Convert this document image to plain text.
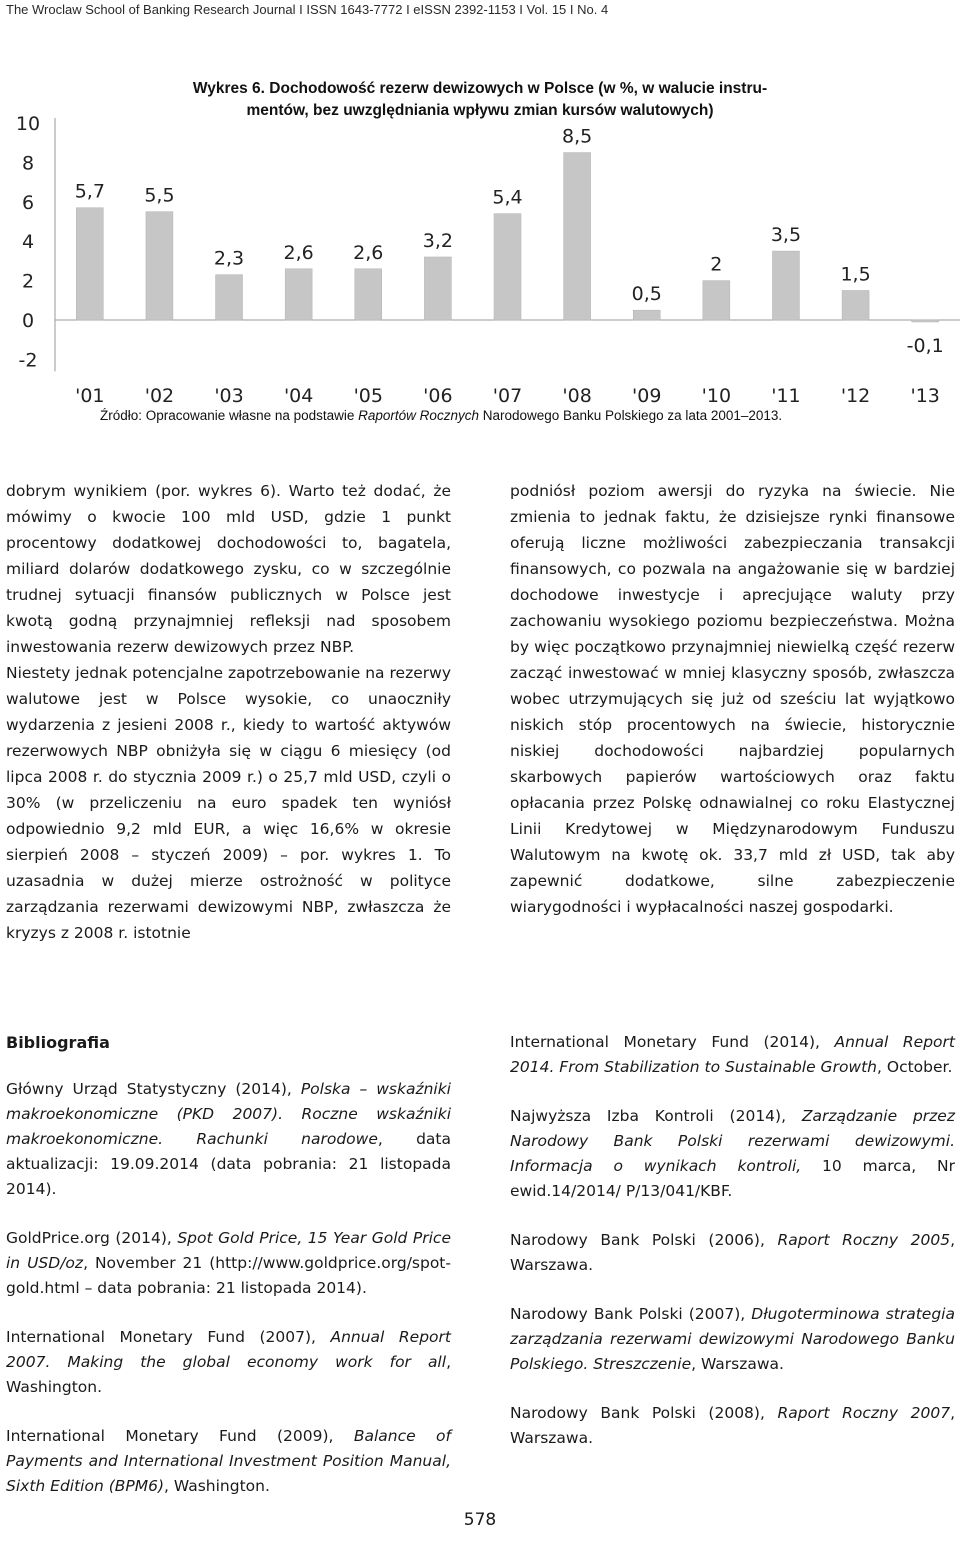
The Wroclaw School of Banking Research Journal I ISSN 1643-7772 I eISSN 2392-1153 I Vol. 15 I No. 4
Wykres 6. Dochodowość rezerw dewizowych w Polsce (w %, w walucie instru-
mentów, bez uwzględniania wpływu zmian kursów walutowych)
10
8
6
4
2
0
-2
5,7
'01
5,5
'02
2,3
'03
2,6
'04
2,6
'05
3,2
'06
5,4
'07
8,5
'08
0,5
'09
2
'10
3,5
'11
1,5
'12
-0,1
'13
Źródło: Opracowanie własne na podstawie Raportów Rocznych Narodowego Banku Polskiego za lata 2001–2013.

dobrym wynikiem (por. wykres 6). Warto też dodać, że mówimy o kwocie 100 mld USD, gdzie 1 punkt procentowy dodatkowej dochodowości to, bagatela, miliard dolarów dodatkowego zysku, co w szczególnie trudnej sytuacji finansów publicznych w Polsce jest kwotą godną przynajmniej refleksji nad sposobem inwestowania rezerw dewizowych przez NBP.

Niestety jednak potencjalne zapotrzebowanie na rezerwy walutowe jest w Polsce wysokie, co unaoczniły wydarzenia z jesieni 2008 r., kiedy to wartość aktywów rezerwowych NBP obniżyła się w ciągu 6 miesięcy (od lipca 2008 r. do stycznia 2009 r.) o 25,7 mld USD, czyli o 30% (w przeliczeniu na euro spadek ten wyniósł odpowiednio 9,2 mld EUR, a więc 16,6% w okresie sierpień 2008 – styczeń 2009) – por. wykres 1. To uzasadnia w dużej mierze ostrożność w polityce zarządzania rezerwami dewizowymi NBP, zwłaszcza że kryzys z 2008 r. istotnie

podniósł poziom awersji do ryzyka na świecie. Nie zmienia to jednak faktu, że dzisiejsze rynki finansowe oferują liczne możliwości zabezpieczania transakcji finansowych, co pozwala na angażowanie się w bardziej dochodowe inwestycje i aprecjujące waluty przy zachowaniu wysokiego poziomu bezpieczeństwa. Można by więc początkowo przynajmniej niewielką część rezerw zacząć inwestować w mniej klasyczny sposób, zwłaszcza wobec utrzymujących się już od sześciu lat wyjątkowo niskich stóp procentowych na świecie, historycznie niskiej dochodowości najbardziej popularnych skarbowych papierów wartościowych oraz faktu opłacania przez Polskę odnawialnej co roku Elastycznej Linii Kredytowej w Międzynarodowym Funduszu Walutowym na kwotę ok. 33,7 mld zł USD, tak aby zapewnić dodatkowe, silne zabezpieczenie wiarygodności i wypłacalności naszej gospodarki.

Bibliografia
Główny Urząd Statystyczny (2014), Polska – wskaźniki makroekonomiczne (PKD 2007). Roczne wskaźniki makroekonomiczne. Rachunki narodowe, data aktualizacji: 19.09.2014 (data pobrania: 21 listopada 2014).
GoldPrice.org (2014), Spot Gold Price, 15 Year Gold Price in USD/oz, November 21 (http://www.goldprice.org/spot-gold.html – data pobrania: 21 listopada 2014).
International Monetary Fund (2007), Annual Report 2007. Making the global economy work for all, Washington.
International Monetary Fund (2009), Balance of Payments and International Investment Position Manual, Sixth Edition (BPM6), Washington.
International Monetary Fund (2014), Annual Report 2014. From Stabilization to Sustainable Growth, October.
Najwyższa Izba Kontroli (2014), Zarządzanie przez Narodowy Bank Polski rezerwami dewizowymi. Informacja o wynikach kontroli, 10 marca, Nr ewid.14/2014/ P/13/041/KBF.
Narodowy Bank Polski (2006), Raport Roczny 2005, Warszawa.
Narodowy Bank Polski (2007), Długoterminowa strategia zarządzania rezerwami dewizowymi Narodowego Banku Polskiego. Streszczenie, Warszawa.
Narodowy Bank Polski (2008), Raport Roczny 2007, Warszawa.
578
